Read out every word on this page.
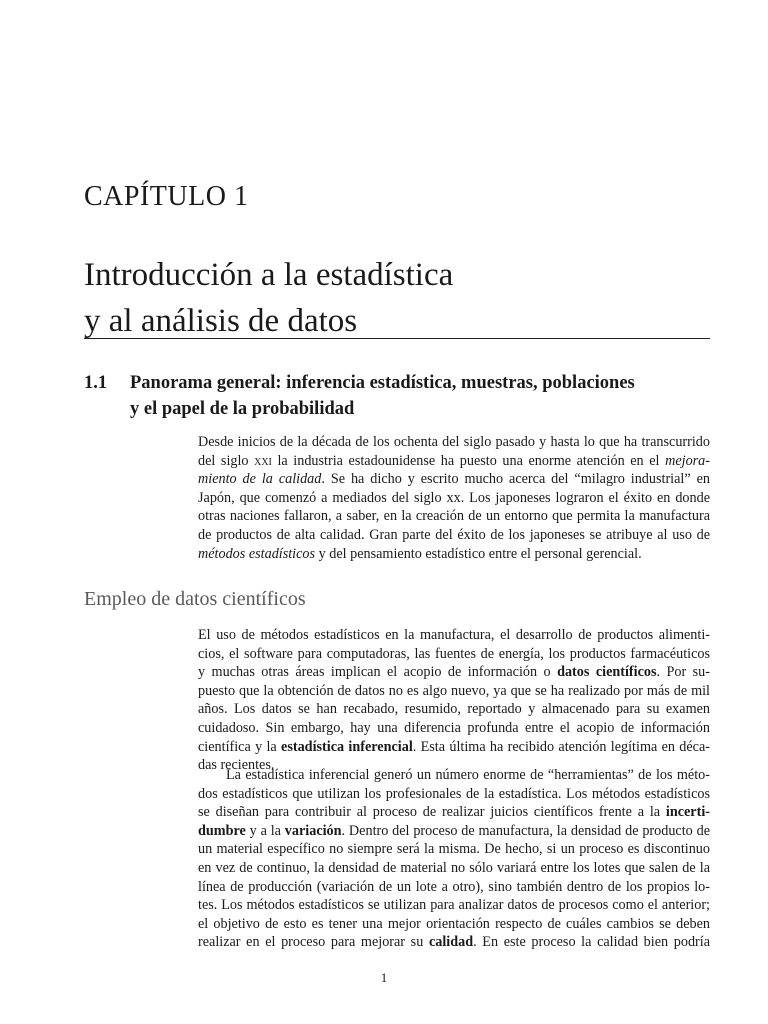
CAPÍTULO 1
Introducción a la estadística
y al análisis de datos
1.1 Panorama general: inferencia estadística, muestras, poblaciones
y el papel de la probabilidad
Desde inicios de la década de los ochenta del siglo pasado y hasta lo que ha transcurrido
del siglo xxi la industria estadounidense ha puesto una enorme atención en el mejora-
miento de la calidad. Se ha dicho y escrito mucho acerca del “milagro industrial” en
Japón, que comenzó a mediados del siglo xx. Los japoneses lograron el éxito en donde
otras naciones fallaron, a saber, en la creación de un entorno que permita la manufactura
de productos de alta calidad. Gran parte del éxito de los japoneses se atribuye al uso de
métodos estadísticos y del pensamiento estadístico entre el personal gerencial.
Empleo de datos científicos
El uso de métodos estadísticos en la manufactura, el desarrollo de productos alimenti-
cios, el software para computadoras, las fuentes de energía, los productos farmacéuticos
y muchas otras áreas implican el acopio de información o datos científicos. Por su-
puesto que la obtención de datos no es algo nuevo, ya que se ha realizado por más de mil
años. Los datos se han recabado, resumido, reportado y almacenado para su examen
cuidadoso. Sin embargo, hay una diferencia profunda entre el acopio de información
científica y la estadística inferencial. Esta última ha recibido atención legítima en déca-
das recientes.
La estadística inferencial generó un número enorme de “herramientas” de los méto-
dos estadísticos que utilizan los profesionales de la estadística. Los métodos estadísticos
se diseñan para contribuir al proceso de realizar juicios científicos frente a la incerti-
dumbre y a la variación. Dentro del proceso de manufactura, la densidad de producto de
un material específico no siempre será la misma. De hecho, si un proceso es discontinuo
en vez de continuo, la densidad de material no sólo variará entre los lotes que salen de la
línea de producción (variación de un lote a otro), sino también dentro de los propios lo-
tes. Los métodos estadísticos se utilizan para analizar datos de procesos como el anterior;
el objetivo de esto es tener una mejor orientación respecto de cuáles cambios se deben
realizar en el proceso para mejorar su calidad. En este proceso la calidad bien podría
1
